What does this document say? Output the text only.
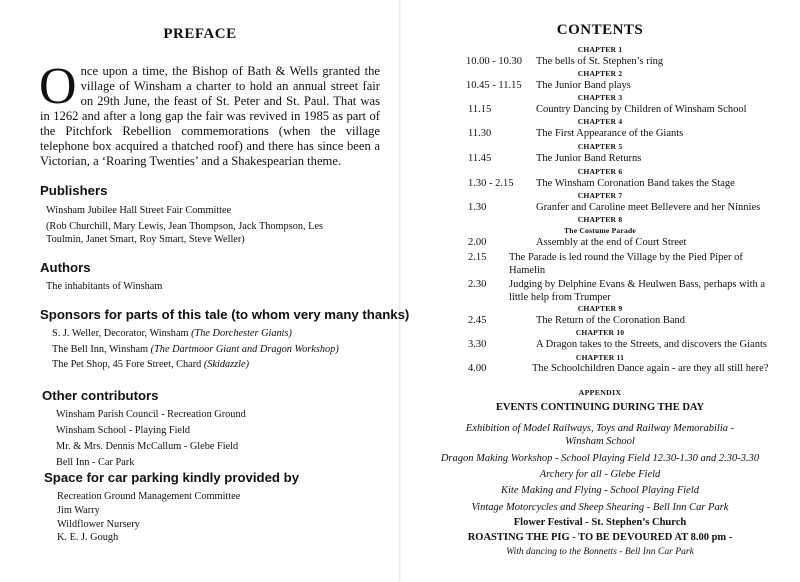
PREFACE
O nce upon a time, the Bishop of Bath & Wells granted the village of Winsham a charter to hold an annual street fair on 29th June, the feast of St. Peter and St. Paul. That was in 1262 and after a long gap the fair was revived in 1985 as part of the Pitchfork Rebellion commemorations (when the village telephone box acquired a thatched roof) and there has since been a Victorian, a ‘Roaring Twenties’ and a Shakespearian theme.
Publishers
Winsham Jubilee Hall Street Fair Committee
(Rob Churchill, Mary Lewis, Jean Thompson, Jack Thompson, Les
Toulmin, Janet Smart, Roy Smart, Steve Weller)
Authors
The inhabitants of Winsham
Sponsors for parts of this tale (to whom very many thanks)
S. J. Weller, Decorator, Winsham (The Dorchester Giants)
The Bell Inn, Winsham (The Dartmoor Giant and Dragon Workshop)
The Pet Shop, 45 Fore Street, Chard (Skidazzle)
Other contributors
Winsham Parish Council - Recreation Ground
Winsham School - Playing Field
Mr. & Mrs. Dennis McCallum - Glebe Field
Bell Inn - Car Park
Space for car parking kindly provided by
Recreation Ground Management Committee
Jim Warry
Wildflower Nursery
K. E. J. Gough
CONTENTS
CHAPTER 1
10.00 - 10.30 The bells of St. Stephen’s ring
CHAPTER 2
10.45 - 11.15 The Junior Band plays
CHAPTER 3
11.15	Country Dancing by Children of Winsham School
CHAPTER 4
11.30	The First Appearance of the Giants
CHAPTER 5
11.45	The Junior Band Returns
CHAPTER 6
1.30 - 2.15 The Winsham Coronation Band takes the Stage
CHAPTER 7
1.30	Granfer and Caroline meet Bellevere and her Ninnies
CHAPTER 8
The Costume Parade
2.00	Assembly at the end of Court Street
2.15 The Parade is led round the Village by the Pied Piper of
Hamelin
2.30 Judging by Delphine Evans & Heulwen Bass, perhaps with a
little help from Trumper
CHAPTER 9
2.45	The Return of the Coronation Band
CHAPTER 10
3.30	A Dragon takes to the Streets, and discovers the Giants
CHAPTER 11
4.00	The Schoolchildren Dance again - are they all still here?
APPENDIX
EVENTS CONTINUING DURING THE DAY
Exhibition of Model Railways, Toys and Railway Memorabilia -
Winsham School
Dragon Making Workshop - School Playing Field 12.30-1.30 and 2.30-3.30
Archery for all - Glebe Field
Kite Making and Flying - School Playing Field
Vintage Motorcycles and Sheep Shearing - Bell Inn Car Park
Flower Festival - St. Stephen’s Church
ROASTING THE PIG - TO BE DEVOURED AT 8.00 pm -
With dancing to the Bonnetts - Bell Inn Car Park
